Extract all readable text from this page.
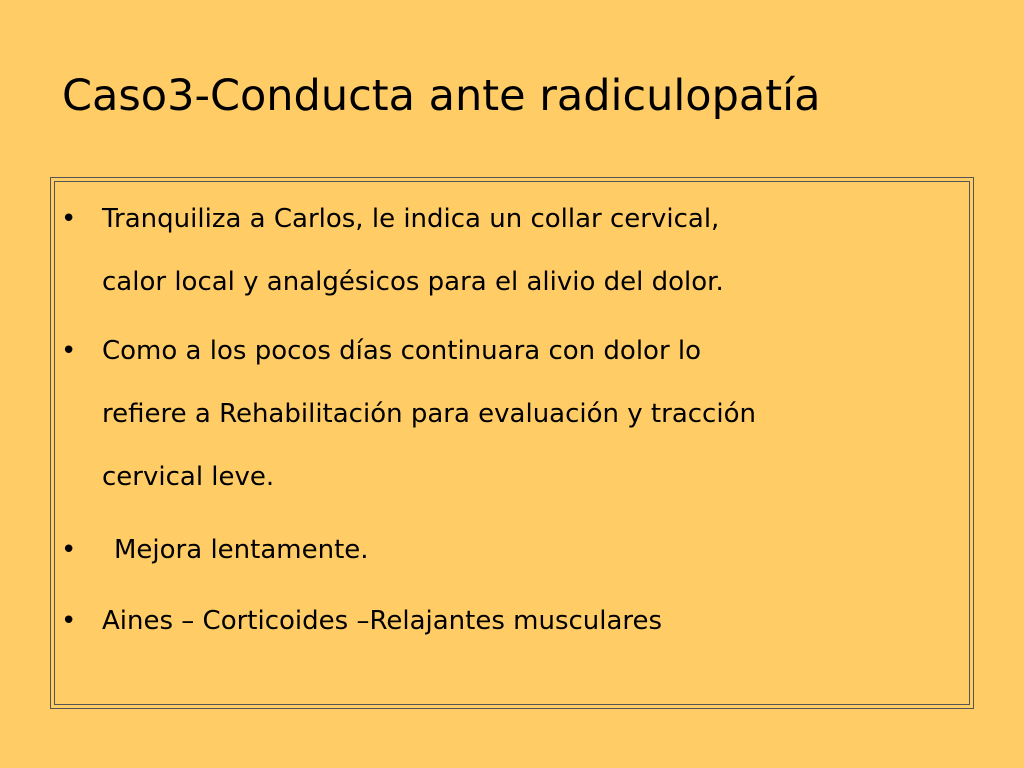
Caso3-Conducta ante radiculopatía
• Tranquiliza a Carlos, le indica un collar cervical,
calor local y analgésicos para el alivio del dolor.
• Como a los pocos días continuara con dolor lo
refiere a Rehabilitación para evaluación y tracción
cervical leve.
• Mejora lentamente.
• Aines – Corticoides –Relajantes musculares
